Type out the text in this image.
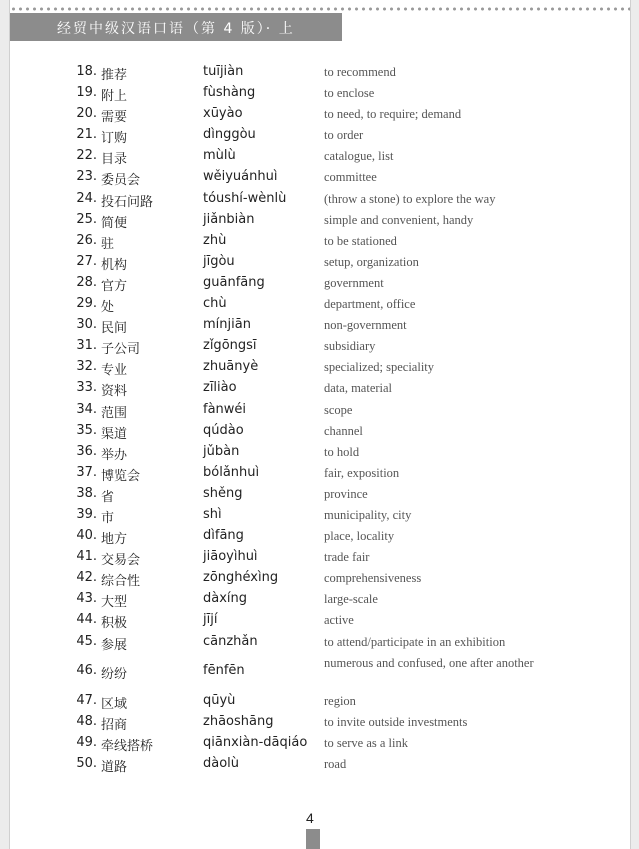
经贸中级汉语口语（第 4 版）· 上
18. 推荐	tuījiàn	to recommend
19. 附上	fùshàng	to enclose
20. 需要	xūyào	to need, to require; demand
21. 订购	dìnggòu	to order
22. 目录	mùlù	catalogue, list
23. 委员会	wěiyuánhuì	committee
24. 投石问路	tóushí-wènlù	(throw a stone) to explore the way
25. 简便	jiǎnbiàn	simple and convenient, handy
26. 驻	zhù	to be stationed
27. 机构	jīgòu	setup, organization
28. 官方	guānfāng	government
29. 处	chù	department, office
30. 民间	mínjiān	non-government
31. 子公司	zǐgōngsī	subsidiary
32. 专业	zhuānyè	specialized; speciality
33. 资料	zīliào	data, material
34. 范围	fànwéi	scope
35. 渠道	qúdào	channel
36. 举办	jǔbàn	to hold
37. 博览会	bólǎnhuì	fair, exposition
38. 省	shěng	province
39. 市	shì	municipality, city
40. 地方	dìfāng	place, locality
41. 交易会	jiāoyìhuì	trade fair
42. 综合性	zōnghéxìng	comprehensiveness
43. 大型	dàxíng	large-scale
44. 积极	jījí	active
45. 参展	cānzhǎn	to attend/participate in an exhibition
46. 纷纷	fēnfēn	numerous and confused, one after another
47. 区域	qūyù	region
48. 招商	zhāoshāng	to invite outside investments
49. 牵线搭桥	qiānxiàn-dāqiáo to serve as a link
50. 道路	dàolù	road
4
